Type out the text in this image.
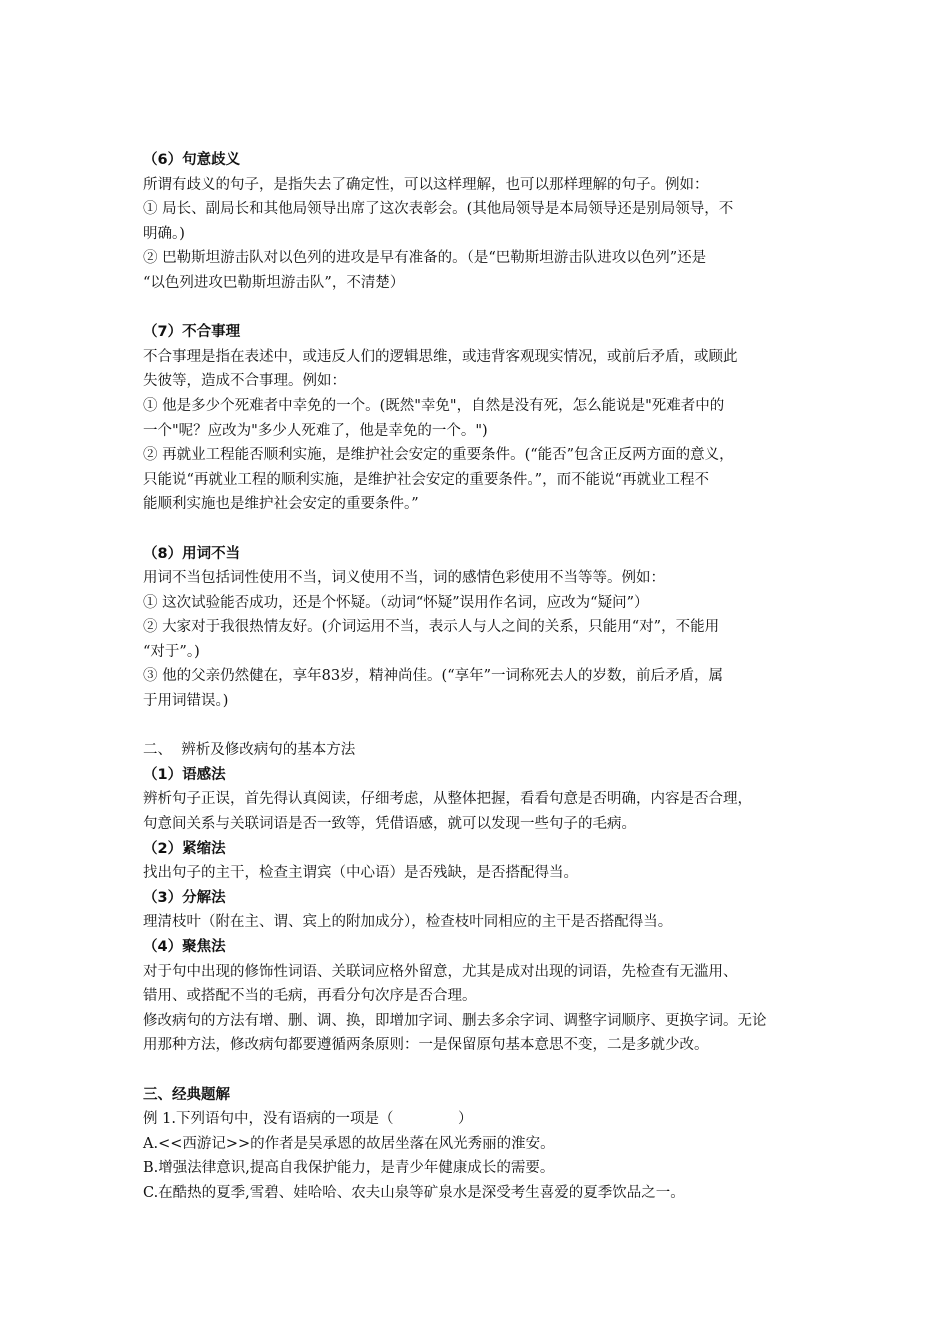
（6）句意歧义

所谓有歧义的句子，是指失去了确定性，可以这样理解，也可以那样理解的句子。例如：

① 局长、副局长和其他局领导出席了这次表彰会。(其他局领导是本局领导还是别局领导，不

明确。)

② 巴勒斯坦游击队对以色列的进攻是早有准备的。（是“巴勒斯坦游击队进攻以色列”还是

“以色列进攻巴勒斯坦游击队”，不清楚）

（7）不合事理

不合事理是指在表述中，或违反人们的逻辑思维，或违背客观现实情况，或前后矛盾，或顾此

失彼等，造成不合事理。例如：

① 他是多少个死难者中幸免的一个。(既然"幸免"，自然是没有死，怎么能说是"死难者中的

一个"呢？应改为"多少人死难了，他是幸免的一个。")

② 再就业工程能否顺利实施，是维护社会安定的重要条件。(“能否”包含正反两方面的意义，

只能说“再就业工程的顺利实施，是维护社会安定的重要条件。”，而不能说“再就业工程不

能顺利实施也是维护社会安定的重要条件。”

（8）用词不当

用词不当包括词性使用不当，词义使用不当，词的感情色彩使用不当等等。例如：

① 这次试验能否成功，还是个怀疑。（动词“怀疑”误用作名词，应改为“疑问”）

② 大家对于我很热情友好。(介词运用不当，表示人与人之间的关系，只能用“对”，不能用

“对于”。)

③ 他的父亲仍然健在，享年83岁，精神尚佳。(“享年”一词称死去人的岁数，前后矛盾，属

于用词错误。)

二、  辨析及修改病句的基本方法

（1）语感法

辨析句子正误，首先得认真阅读，仔细考虑，从整体把握，看看句意是否明确，内容是否合理，

句意间关系与关联词语是否一致等，凭借语感，就可以发现一些句子的毛病。

（2）紧缩法

找出句子的主干，检查主谓宾（中心语）是否残缺，是否搭配得当。

（3）分解法

理清枝叶（附在主、谓、宾上的附加成分），检查枝叶同相应的主干是否搭配得当。

（4）聚焦法

对于句中出现的修饰性词语、关联词应格外留意，尤其是成对出现的词语，先检查有无滥用、

错用、或搭配不当的毛病，再看分句次序是否合理。

修改病句的方法有增、删、调、换，即增加字词、删去多余字词、调整字词顺序、更换字词。无论

用那种方法，修改病句都要遵循两条原则：一是保留原句基本意思不变，二是多就少改。

三、经典题解

例 1.下列语句中，没有语病的一项是（              ）

A.<<西游记>>的作者是吴承恩的故居坐落在风光秀丽的淮安。

B.增强法律意识,提高自我保护能力，是青少年健康成长的需要。

C.在酷热的夏季,雪碧、娃哈哈、农夫山泉等矿泉水是深受考生喜爱的夏季饮品之一。
